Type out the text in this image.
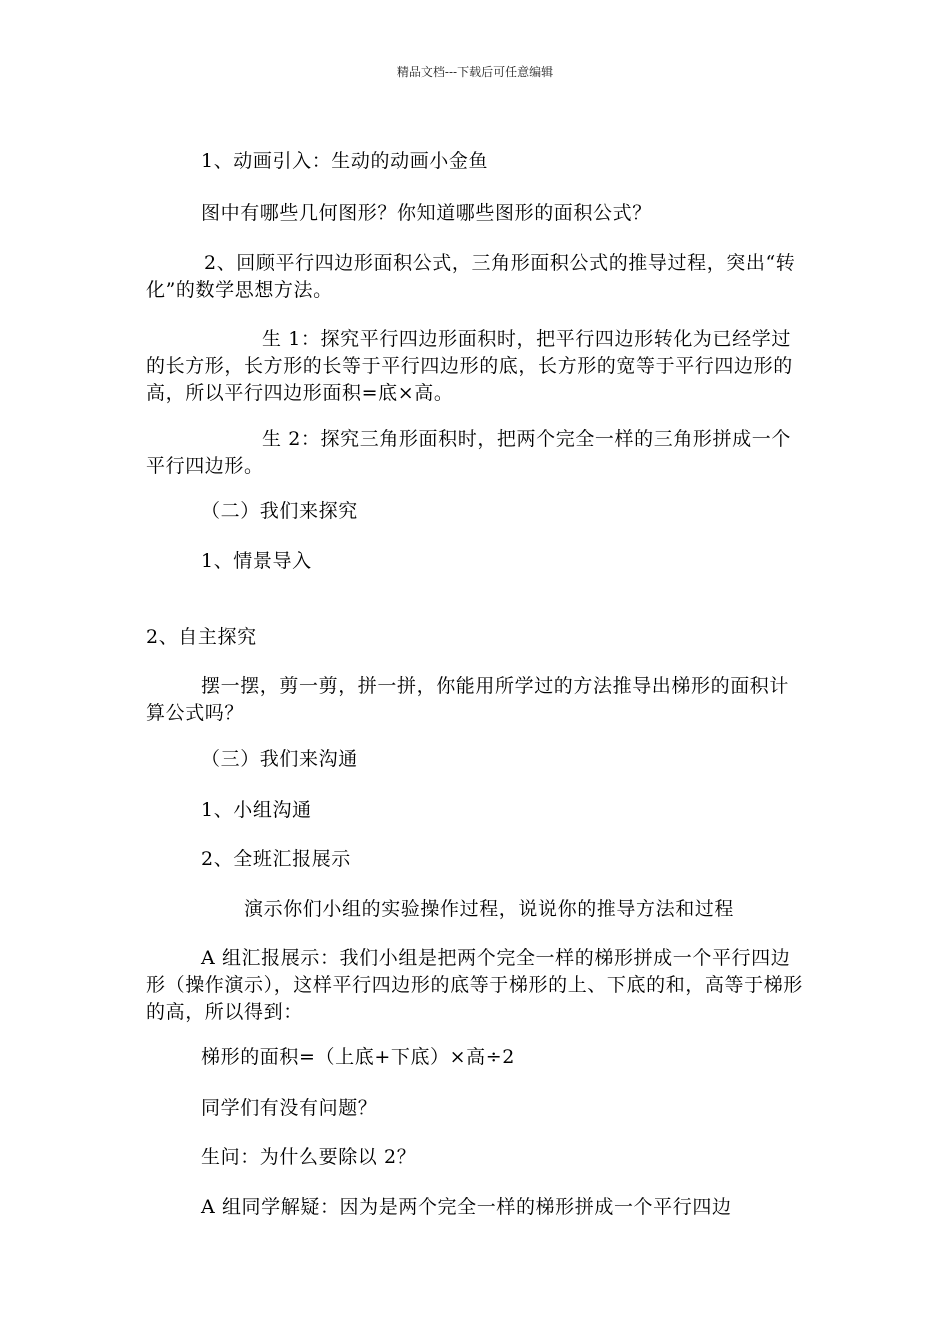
精品文档---下载后可任意编辑
1、动画引入：生动的动画小金鱼
图中有哪些几何图形？你知道哪些图形的面积公式？
2、回顾平行四边形面积公式，三角形面积公式的推导过程，突出“转化”的数学思想方法。
生 1：探究平行四边形面积时，把平行四边形转化为已经学过的长方形，长方形的长等于平行四边形的底，长方形的宽等于平行四边形的高，所以平行四边形面积=底×高。
生 2：探究三角形面积时，把两个完全一样的三角形拼成一个平行四边形。
（二）我们来探究
1、情景导入
2、自主探究
摆一摆，剪一剪，拼一拼，你能用所学过的方法推导出梯形的面积计算公式吗？
（三）我们来沟通
1、小组沟通
2、全班汇报展示
演示你们小组的实验操作过程，说说你的推导方法和过程
A 组汇报展示：我们小组是把两个完全一样的梯形拼成一个平行四边形（操作演示），这样平行四边形的底等于梯形的上、下底的和，高等于梯形的高，所以得到：
梯形的面积=（上底+下底）×高÷2
同学们有没有问题？
生问：为什么要除以 2？
A 组同学解疑：因为是两个完全一样的梯形拼成一个平行四边
